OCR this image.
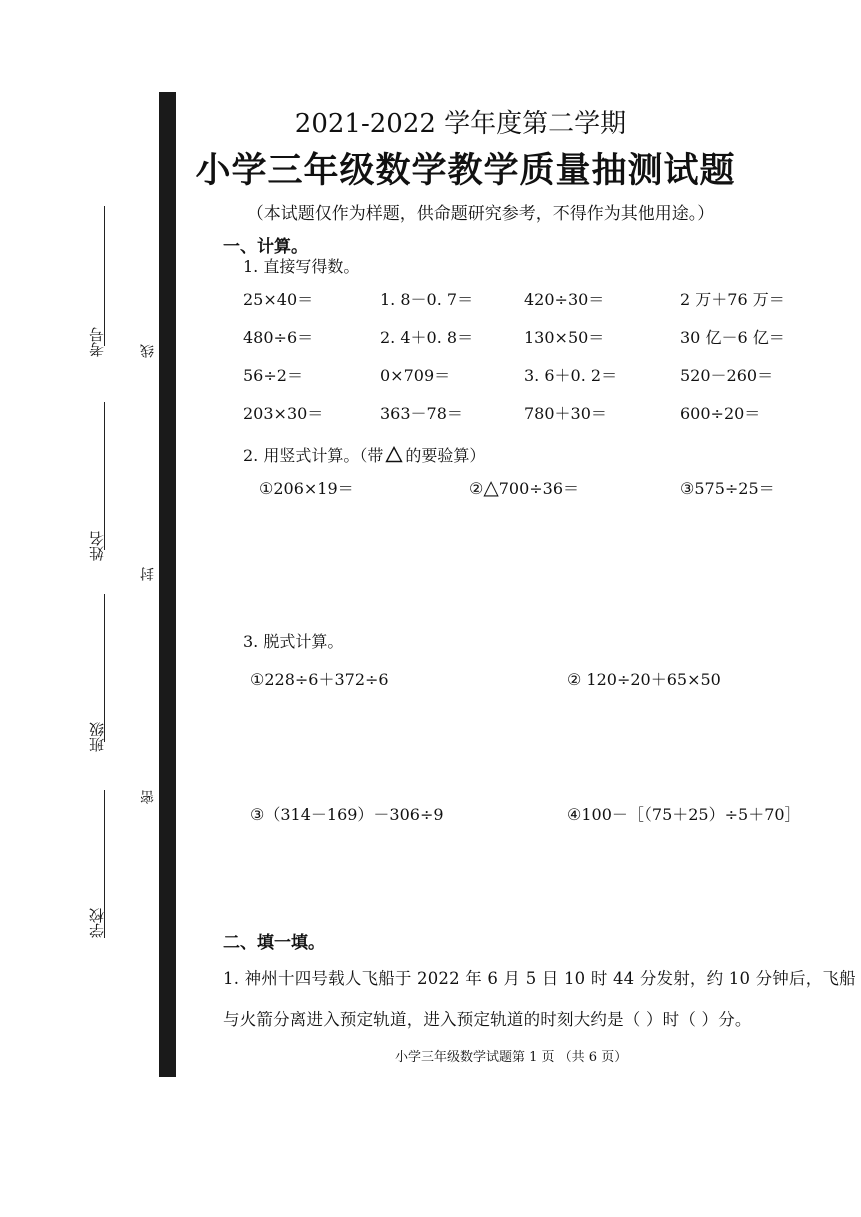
考号
姓名
班级
学校
线
封
密
2021-2022 学年度第二学期
小学三年级数学教学质量抽测试题
（本试题仅作为样题，供命题研究参考，不得作为其他用途。）
一、计算。
1. 直接写得数。
25×40＝	1. 8－0. 7＝	420÷30＝	2 万＋76 万＝
480÷6＝	2. 4＋0. 8＝	130×50＝	30 亿－6 亿＝
56÷2＝	0×709＝	3. 6＋0. 2＝	520－260＝
203×30＝	363－78＝	780＋30＝	600÷20＝
2. 用竖式计算。（带 的要验算）
①206×19＝	②△700÷36＝	③575÷25＝
3. 脱式计算。
①228÷6＋372÷6	② 120÷20＋65×50
③（314－169）－306÷9	④100－［（75＋25）÷5＋70］
二、填一填。
1. 神州十四号载人飞船于 2022 年 6 月 5 日 10 时 44 分发射，约 10 分钟后，飞船
与火箭分离进入预定轨道，进入预定轨道的时刻大约是（ ）时（ ）分。
小学三年级数学试题第 1 页 （共 6 页）
